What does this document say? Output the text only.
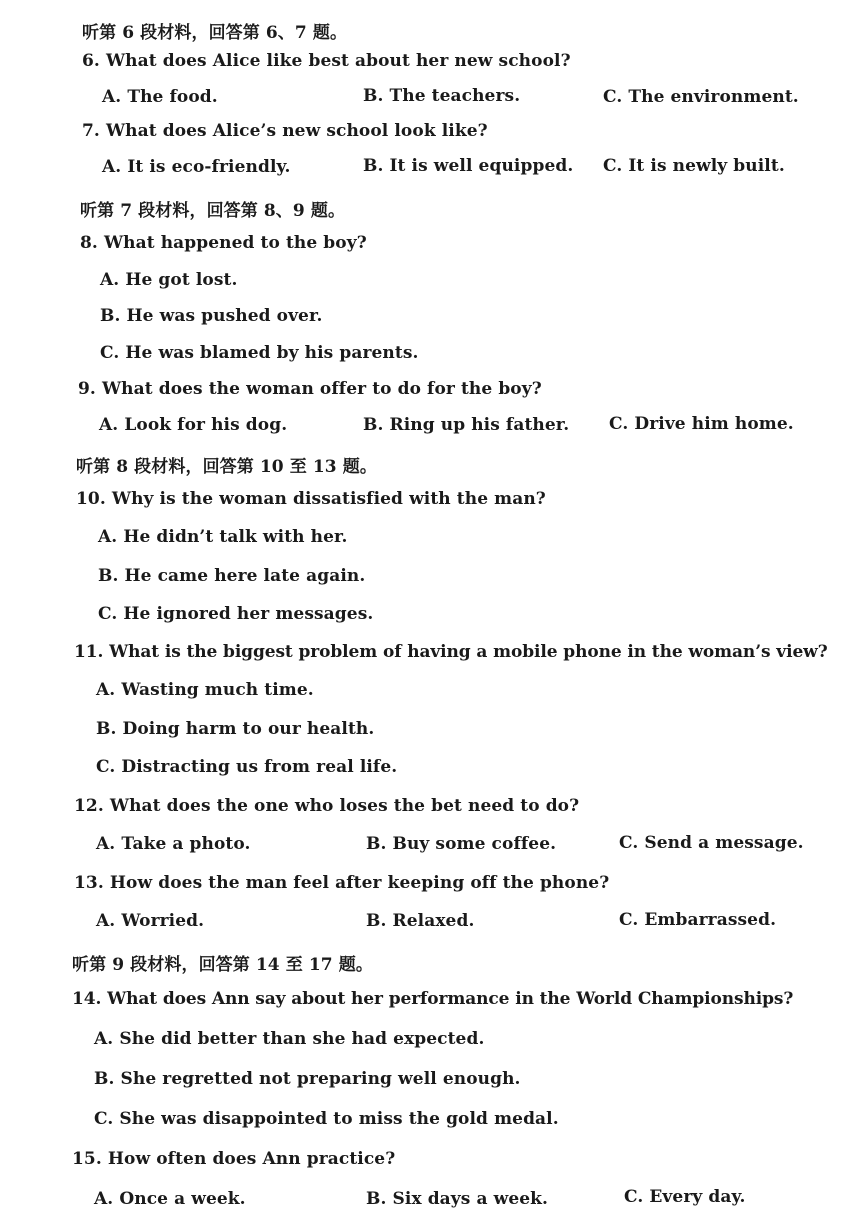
听第 6 段材料，回答第 6、7 题。
6. What does Alice like best about her new school?
A. The food.	B. The teachers.	C. The environment.
7. What does Alice’s new school look like?
A. It is eco-friendly.	B. It is well equipped. C. It is newly built.
听第 7 段材料，回答第 8、9 题。
8. What happened to the boy?
A. He got lost.
B. He was pushed over.
C. He was blamed by his parents.
9. What does the woman offer to do for the boy?
A. Look for his dog.	B. Ring up his father. C. Drive him home.
听第 8 段材料，回答第 10 至 13 题。
10. Why is the woman dissatisfied with the man?
A. He didn’t talk with her.
B. He came here late again.
C. He ignored her messages.
11. What is the biggest problem of having a mobile phone in the woman’s view?
A. Wasting much time.
B. Doing harm to our health.
C. Distracting us from real life.
12. What does the one who loses the bet need to do?
A. Take a photo.	B. Buy some coffee.	C. Send a message.
13. How does the man feel after keeping off the phone?
A. Worried.	B. Relaxed.	C. Embarrassed.
听第 9 段材料，回答第 14 至 17 题。
14. What does Ann say about her performance in the World Championships?
A. She did better than she had expected.
B. She regretted not preparing well enough.
C. She was disappointed to miss the gold medal.
15. How often does Ann practice?
A. Once a week.	B. Six days a week.	C. Every day.
